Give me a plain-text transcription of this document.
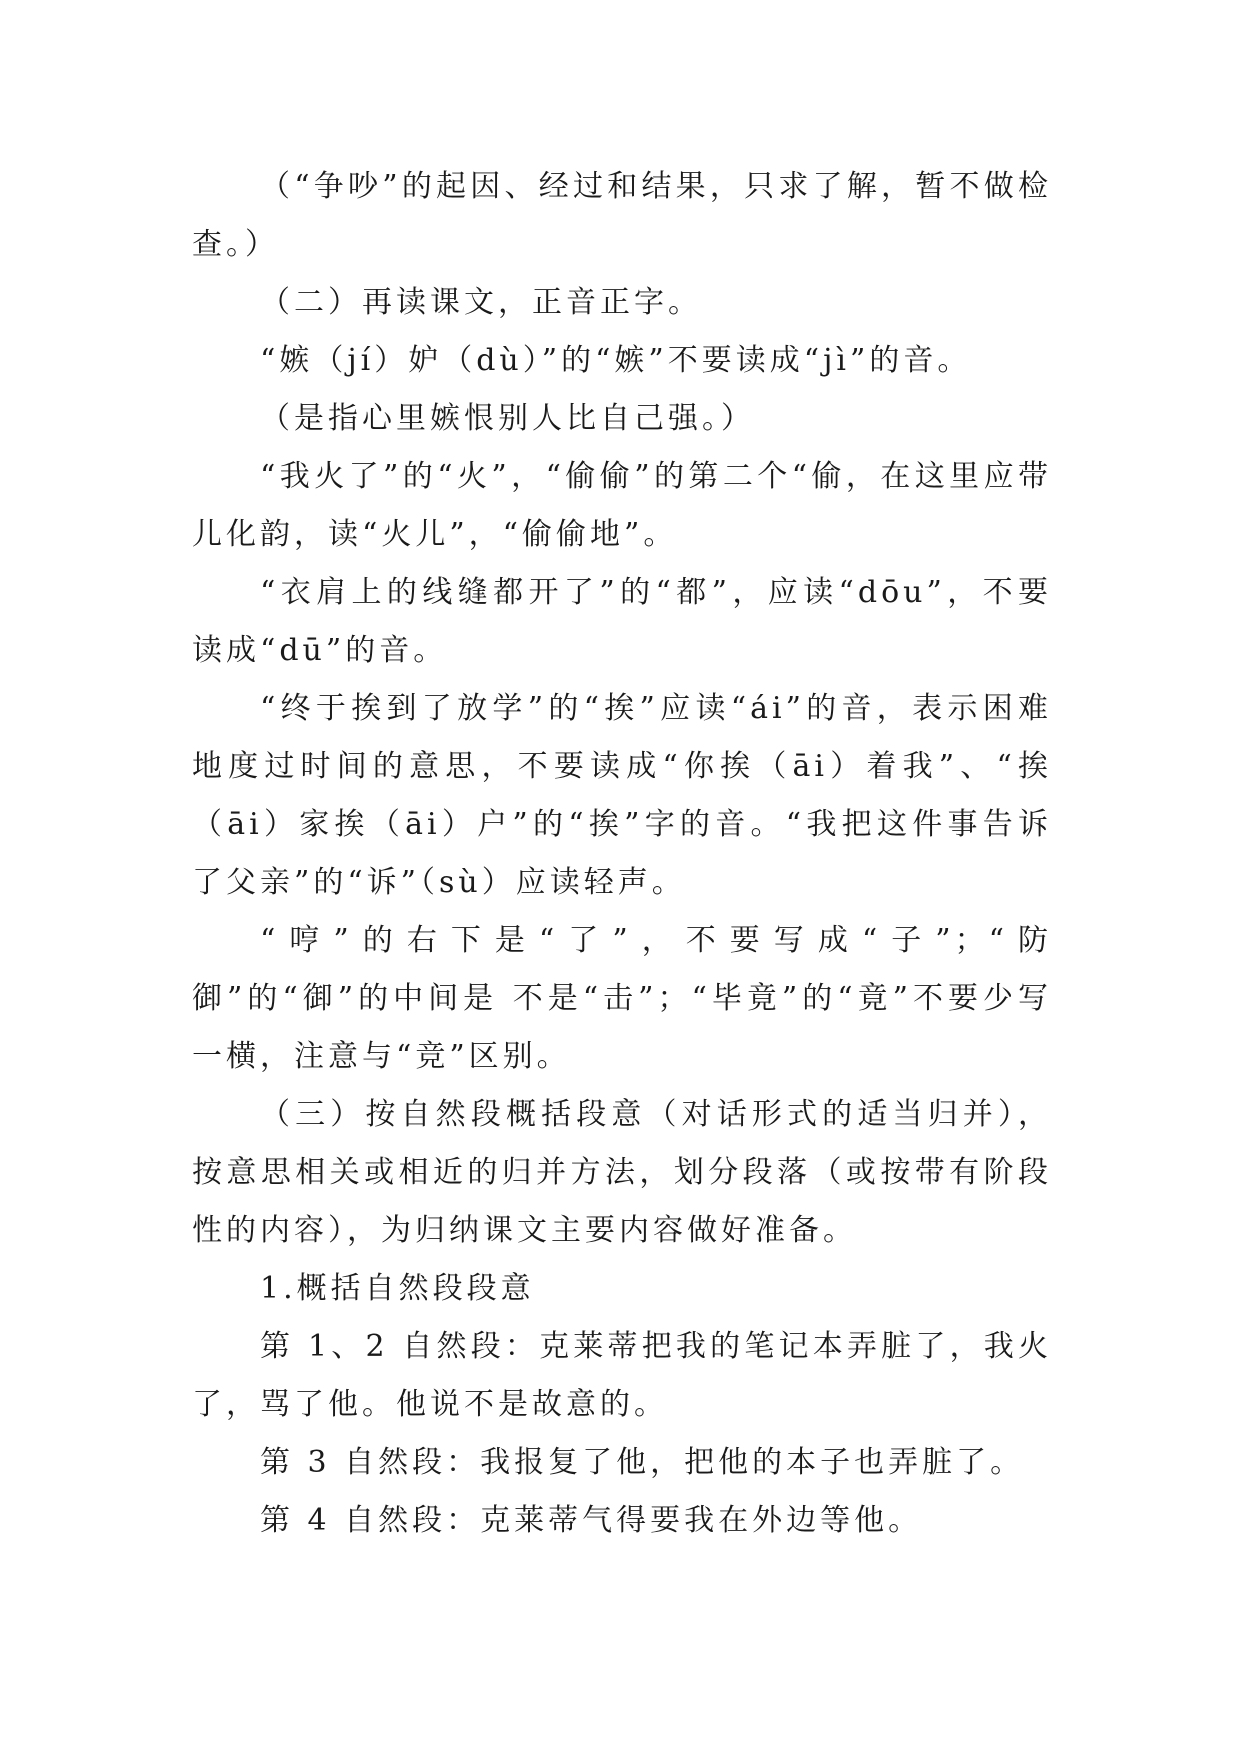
（“争吵”的起因、经过和结果，只求了解，暂不做检查。）

（二）再读课文，正音正字。

“嫉（jí）妒（dù）”的“嫉”不要读成“jì”的音。

（是指心里嫉恨别人比自己强。）

“我火了”的“火”，“偷偷”的第二个“偷，在这里应带儿化韵，读“火儿”，“偷偷地”。

“衣肩上的线缝都开了”的“都”，应读“dōu”，不要读成“dū”的音。

“终于挨到了放学”的“挨”应读“ái”的音，表示困难地度过时间的意思，不要读成“你挨（āi）着我”、“挨（āi）家挨（āi）户”的“挨”字的音。“我把这件事告诉了父亲”的“诉”（sù）应读轻声。

“哼”的右下是“了”，不要写成“子”；“防御”的“御”的中间是 不是“击”；“毕竟”的“竟”不要少写一横，注意与“竞”区别。

（三）按自然段概括段意（对话形式的适当归并），按意思相关或相近的归并方法，划分段落（或按带有阶段性的内容），为归纳课文主要内容做好准备。

1.概括自然段段意

第 1、2 自然段：克莱蒂把我的笔记本弄脏了，我火了，骂了他。他说不是故意的。

第 3 自然段：我报复了他，把他的本子也弄脏了。

第 4 自然段：克莱蒂气得要我在外边等他。
